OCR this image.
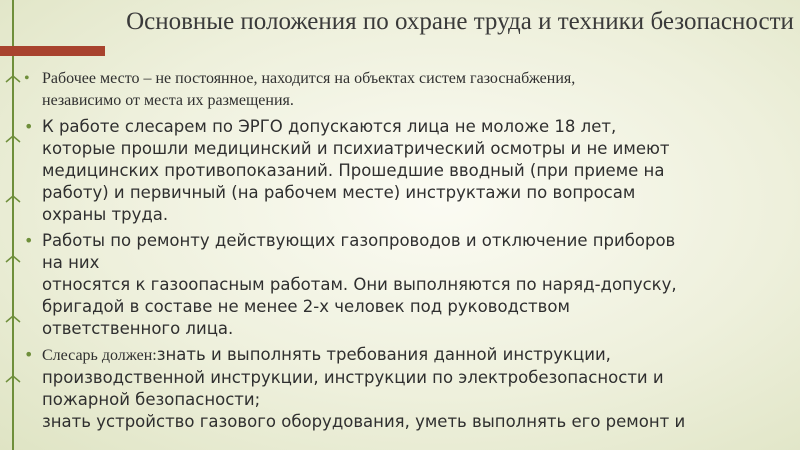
Основные положения по охране труда и техники безопасности
• Рабочее место – не постоянное, находится на объектах систем газоснабжения,
независимо от места их размещения.
• К работе слесарем по ЭРГО допускаются лица не моложе 18 лет,
которые прошли медицинский и психиатрический осмотры и не имеют
медицинских противопоказаний. Прошедшие вводный (при приеме на
работу) и первичный (на рабочем месте) инструктажи по вопросам
охраны труда.
• Работы по ремонту действующих газопроводов и отключение приборов
на них
относятся к газоопасным работам. Они выполняются по наряд-допуску,
бригадой в составе не менее 2-х человек под руководством
ответственного лица.
• Слесарь должен:знать и выполнять требования данной инструкции,
производственной инструкции, инструкции по электробезопасности и
пожарной безопасности;
знать устройство газового оборудования, уметь выполнять его ремонт и
